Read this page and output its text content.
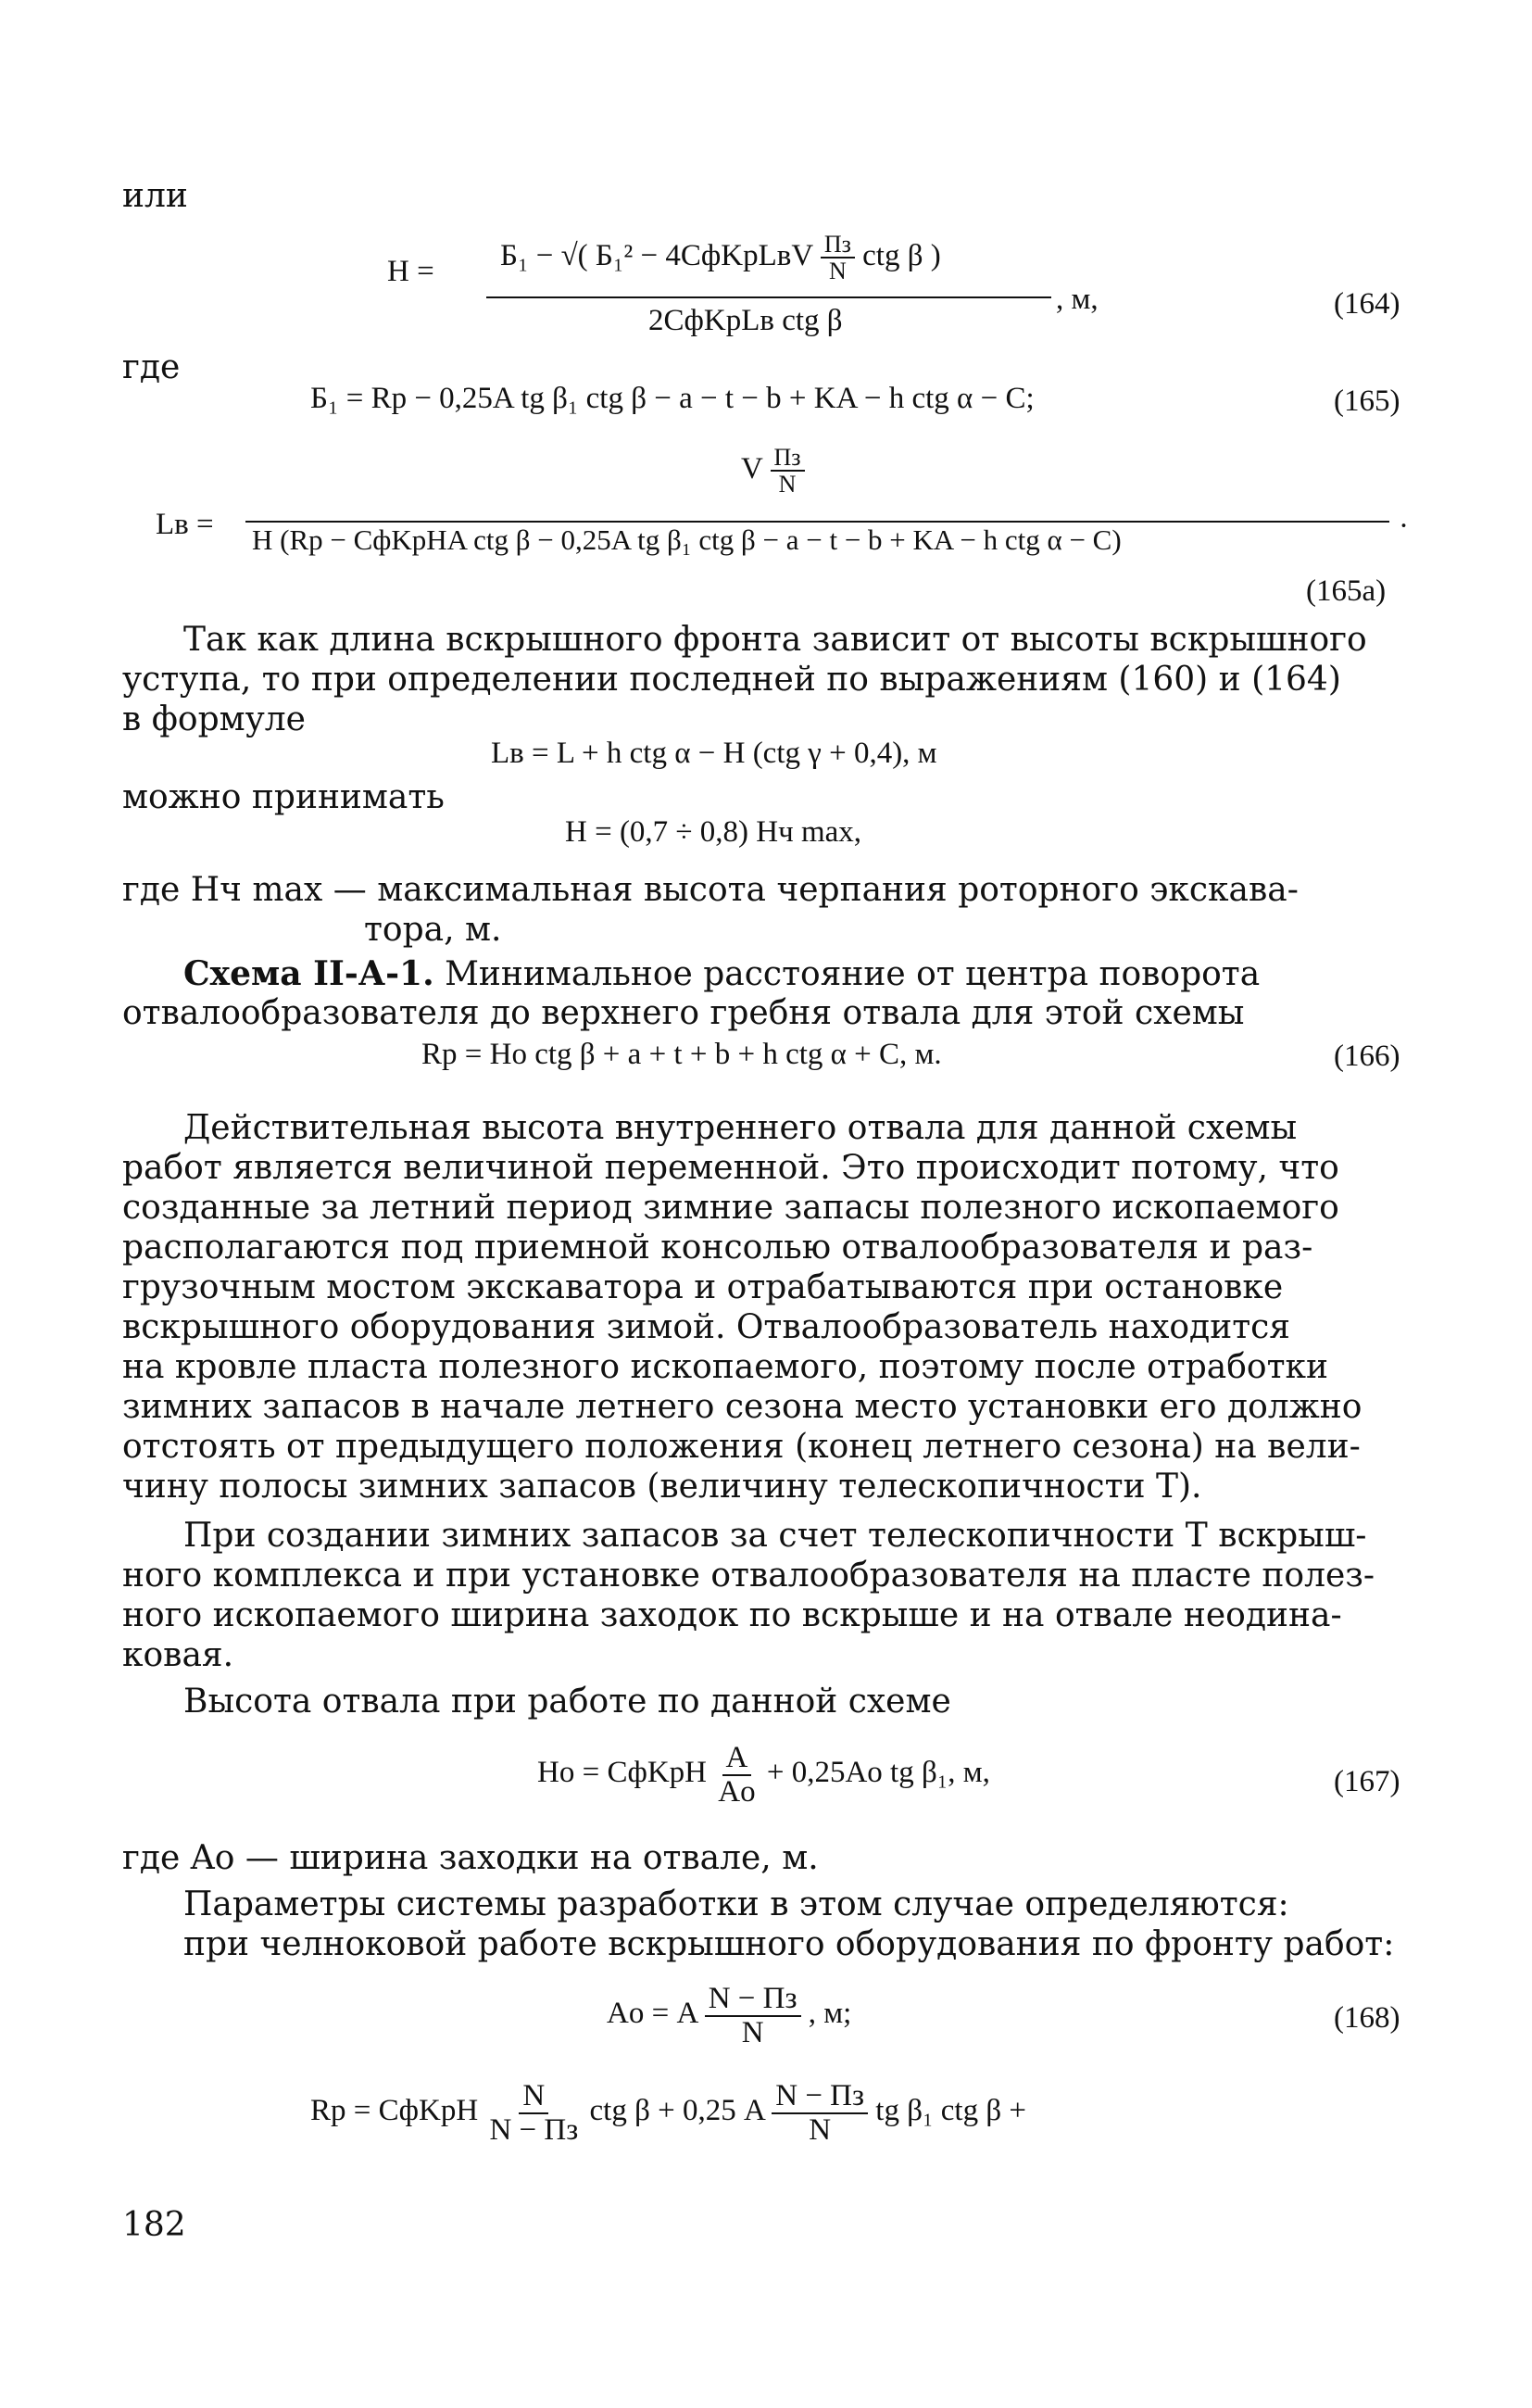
или
H = Б₁ − √( Б₁² − 4CфKрLвV $\frac{Пз}{N}$ ctg β )
2CфKрLв ctg β
, м,	(164)
где
Б₁ = Rр − 0,25A tg β₁ ctg β − a − t − b + KA − h ctg α − C;	(165)
Lв =
V $\frac{Пз}{N}$
H (Rр − CфKрHA ctg β − 0,25A tg β₁ ctg β − a − t − b + KA − h ctg α − C)	·
(165a)
Так как длина вскрышного фронта зависит от высоты вскрышного
уступа, то при определении последней по выражениям (160) и (164)
в формуле
Lв = L + h ctg α − H (ctg γ + 0,4), м
можно принимать
H = (0,7 ÷ 0,8) Hч max,
где Hч max — максимальная высота черпания роторного экскава-
тора, м.
Схема II-А-1. Минимальное расстояние от центра поворота
отвалообразователя до верхнего гребня отвала для этой схемы
Rр = Hо ctg β + a + t + b + h ctg α + C, м.	(166)
Действительная высота внутреннего отвала для данной схемы
работ является величиной переменной. Это происходит потому, что
созданные за летний период зимние запасы полезного ископаемого
располагаются под приемной консолью отвалообразователя и раз-
грузочным мостом экскаватора и отрабатываются при остановке
вскрышного оборудования зимой. Отвалообразователь находится
на кровле пласта полезного ископаемого, поэтому после отработки
зимних запасов в начале летнего сезона место установки его должно
отстоять от предыдущего положения (конец летнего сезона) на вели-
чину полосы зимних запасов (величину телескопичности T).
При создании зимних запасов за счет телескопичности T вскрыш-
ного комплекса и при установке отвалообразователя на пласте полез-
ного ископаемого ширина заходок по вскрыше и на отвале неодина-
ковая.
Высота отвала при работе по данной схеме
Hо = CфKрH $\frac{A}{Aо} + 0,25Aо$ tg β₁, м,	(167)
где Aо — ширина заходки на отвале, м.
Параметры системы разработки в этом случае определяются:
при челноковой работе вскрышного оборудования по фронту работ:
Aо = A $\frac{N - Пз}{N}$ , м;	(168)
Rр = CфKрH $\frac{N}{N - Пз}$ ctg β + 0,25 A $\frac{N - Пз}{N}$ tg β₁ ctg β +
182
